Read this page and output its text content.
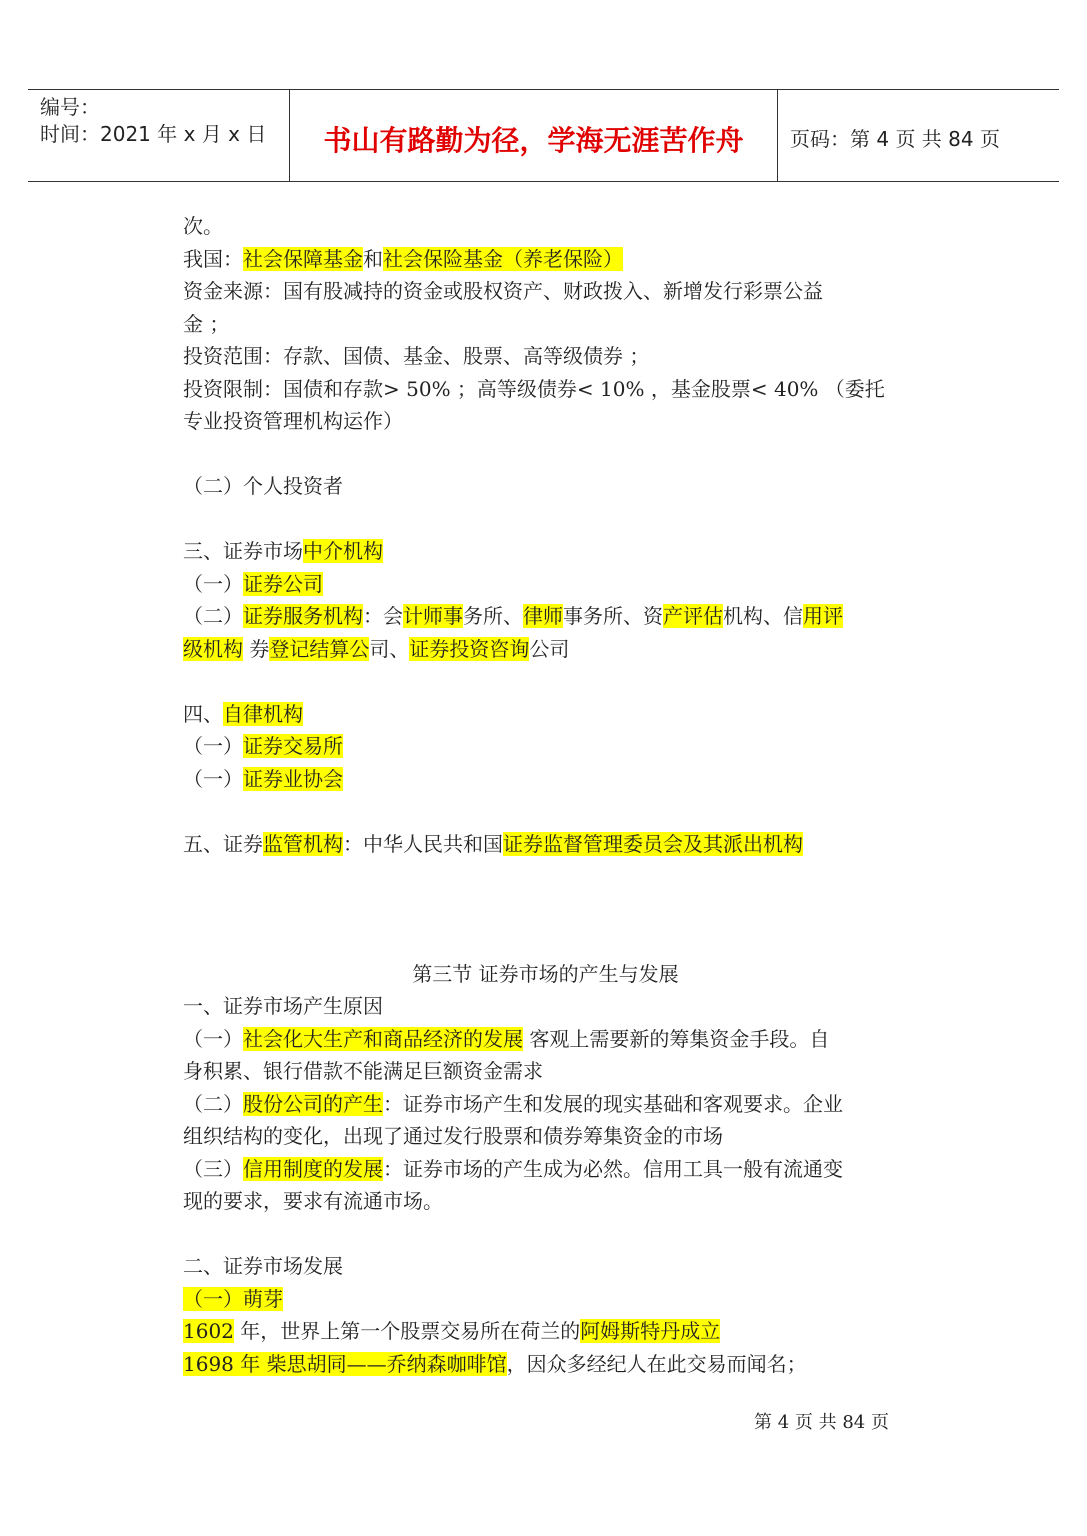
编号：
时间：2021 年 x 月 x 日	书山有路勤为径，学海无涯苦作舟	页码：第 4 页 共 84 页
次。
我国：社会保障基金和社会保险基金（养老保险）
资金来源：国有股减持的资金或股权资产、财政拨入、新增发行彩票公益
金 ；
投资范围：存款、国债、基金、股票、高等级债券 ；
投资限制：国债和存款> 50% ；高等级债券< 10% ，基金股票< 40% （委托
专业投资管理机构运作）
（二）个人投资者
三、证券市场中介机构
（一）证券公司
（二）证券服务机构：会计师事务所、律师事务所、资产评估机构、信用评
级机构 券登记结算公司、证券投资咨询公司
四、自律机构
（一）证券交易所
（一）证券业协会
五、证券监管机构：中华人民共和国证券监督管理委员会及其派出机构
第三节 证券市场的产生与发展
一、证券市场产生原因
（一）社会化大生产和商品经济的发展 客观上需要新的筹集资金手段。自
身积累、银行借款不能满足巨额资金需求
（二）股份公司的产生：证券市场产生和发展的现实基础和客观要求。企业
组织结构的变化，出现了通过发行股票和债券筹集资金的市场
（三）信用制度的发展：证券市场的产生成为必然。信用工具一般有流通变
现的要求，要求有流通市场。
二、证券市场发展
（一）萌芽
1602 年，世界上第一个股票交易所在荷兰的阿姆斯特丹成立
1698 年 柴思胡同——乔纳森咖啡馆，因众多经纪人在此交易而闻名；
第 4 页 共 84 页
